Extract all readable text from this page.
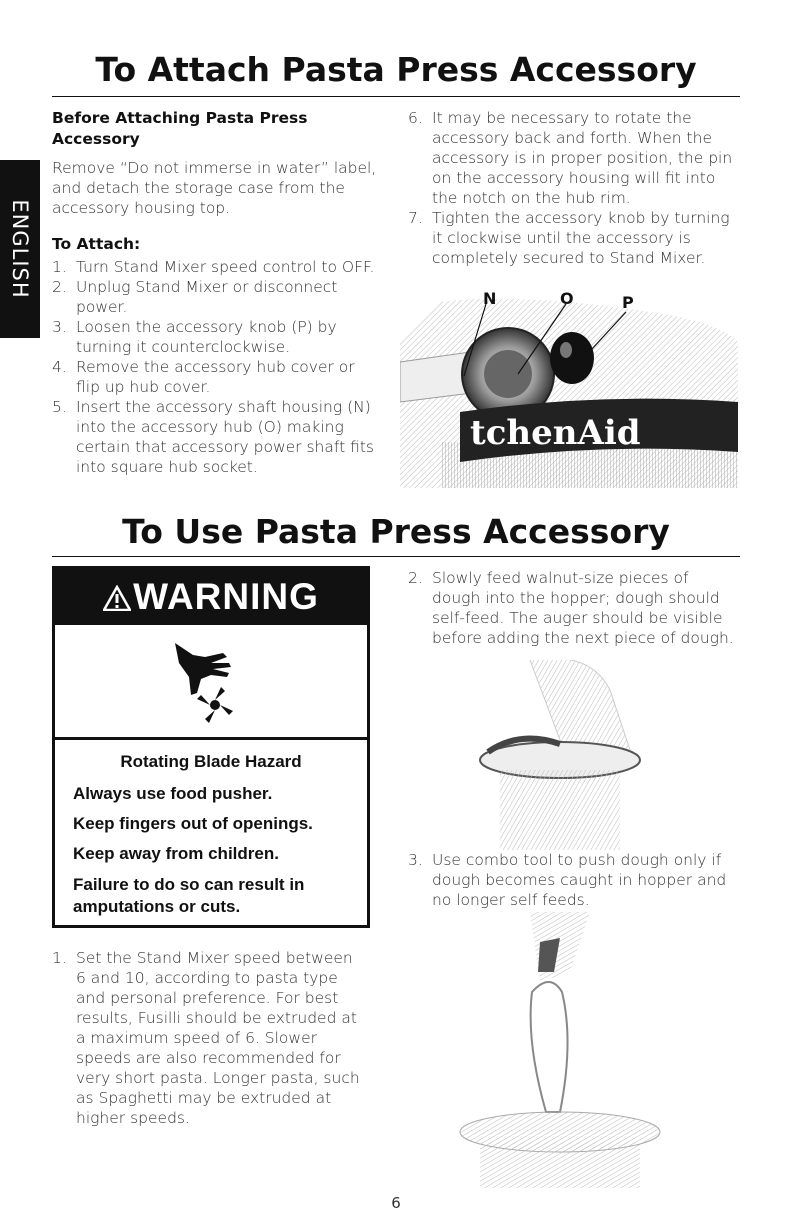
ENGLISH
To Attach Pasta Press Accessory

Before Attaching Pasta Press Accessory

Remove “Do not immerse in water” label, and detach the storage case from the accessory housing top.

To Attach:

1. Turn Stand Mixer speed control to OFF.
2. Unplug Stand Mixer or disconnect power.
3. Loosen the accessory knob (P) by turning it counterclockwise.
4. Remove the accessory hub cover or flip up hub cover.
5. Insert the accessory shaft housing (N) into the accessory hub (O) making certain that accessory power shaft fits into square hub socket.
6. It may be necessary to rotate the accessory back and forth. When the accessory is in proper position, the pin on the accessory housing will fit into the notch on the hub rim.
7. Tighten the accessory knob by turning it clockwise until the accessory is completely secured to Stand Mixer.
tchenAid
N	O	P
To Use Pasta Press Accessory
WARNING
Rotating Blade Hazard
Always use food pusher.
Keep fingers out of openings.
Keep away from children.
Failure to do so can result in amputations or cuts.
1. Set the Stand Mixer speed between 6 and 10, according to pasta type and personal preference. For best results, Fusilli should be extruded at a maximum speed of 6. Slower speeds are also recommended for very short pasta. Longer pasta, such as Spaghetti may be extruded at higher speeds.
2. Slowly feed walnut-size pieces of dough into the hopper; dough should self-feed. The auger should be visible before adding the next piece of dough.
3. Use combo tool to push dough only if dough becomes caught in hopper and no longer self feeds.
6
